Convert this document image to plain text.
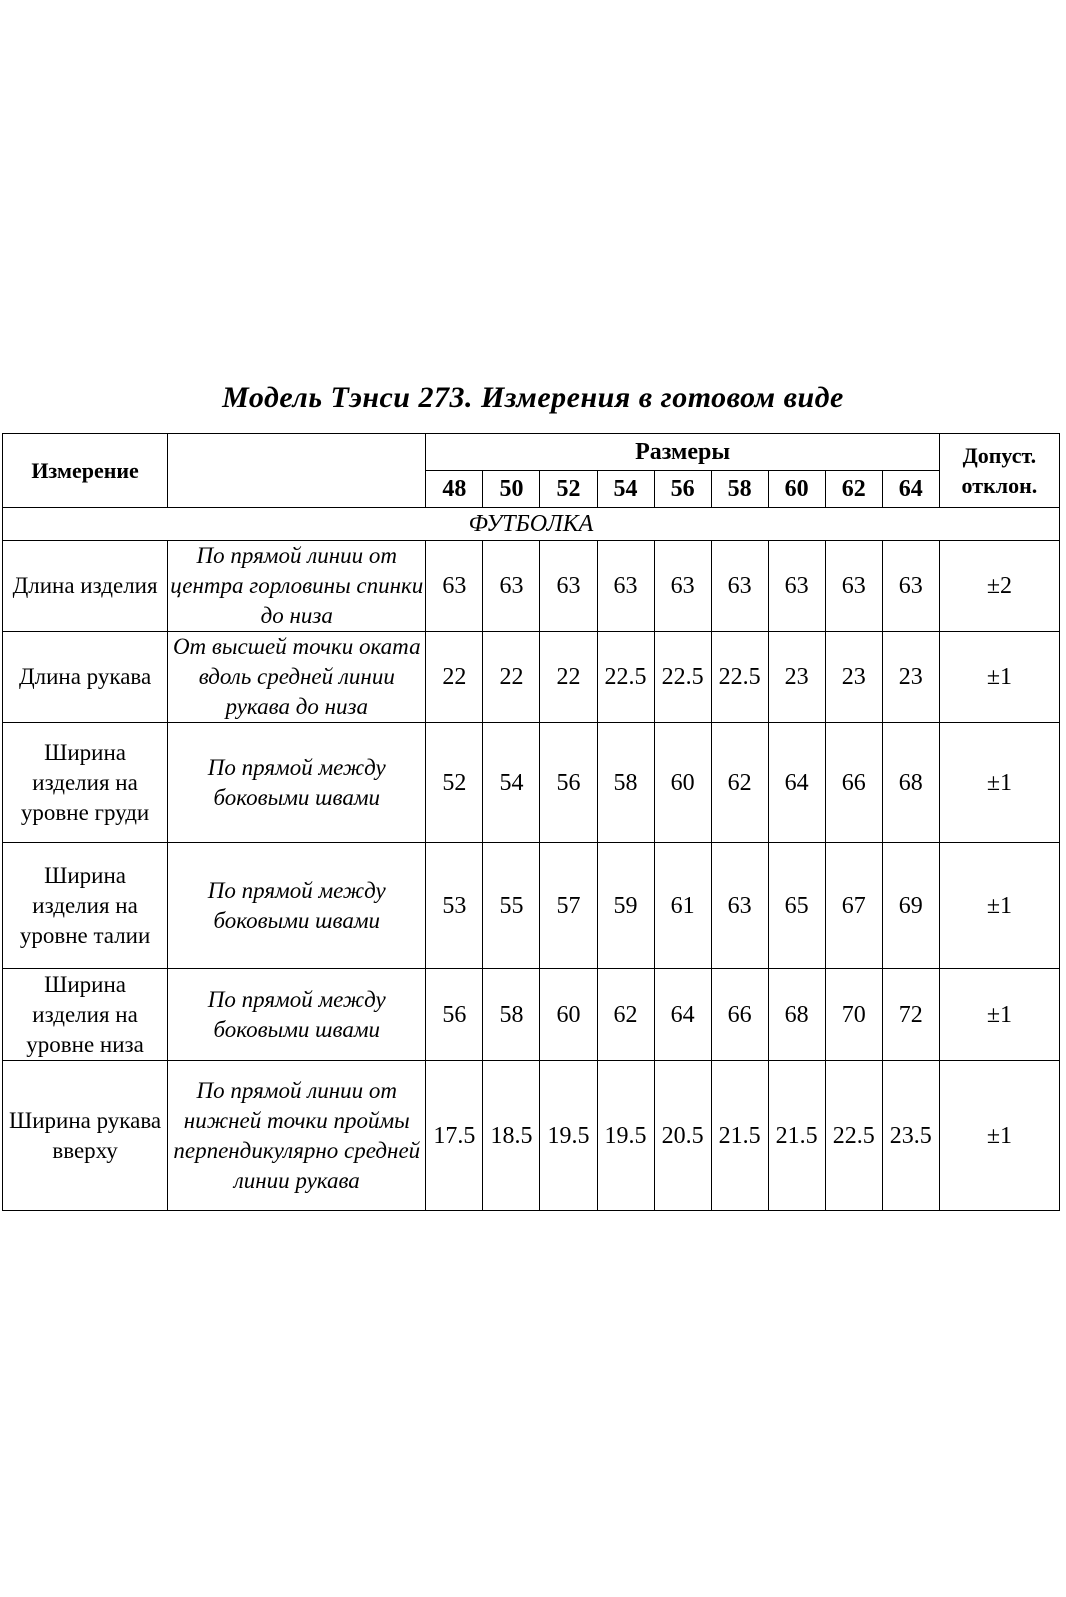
Модель Тэнси 273. Измерения в готовом виде
Измерение		Размеры									Допуст. отклон.
		48	50	52	54	56	58	60	62	64	
ФУТБОЛКА											
Длина изделия	По прямой линии от центра горловины спинки до низа	63	63	63	63	63	63	63	63	63	±2
Длина рукава	От высшей точки оката вдоль средней линии рукава до низа	22	22	22	22.5	22.5	22.5	23	23	23	±1
Ширина изделия на уровне груди	По прямой между боковыми швами	52	54	56	58	60	62	64	66	68	±1
Ширина изделия на уровне талии	По прямой между боковыми швами	53	55	57	59	61	63	65	67	69	±1
Ширина изделия на уровне низа	По прямой между боковыми швами	56	58	60	62	64	66	68	70	72	±1
Ширина рукава вверху	По прямой линии от нижней точки проймы перпендикулярно средней линии рукава	17.5	18.5	19.5	19.5	20.5	21.5	21.5	22.5	23.5	±1
